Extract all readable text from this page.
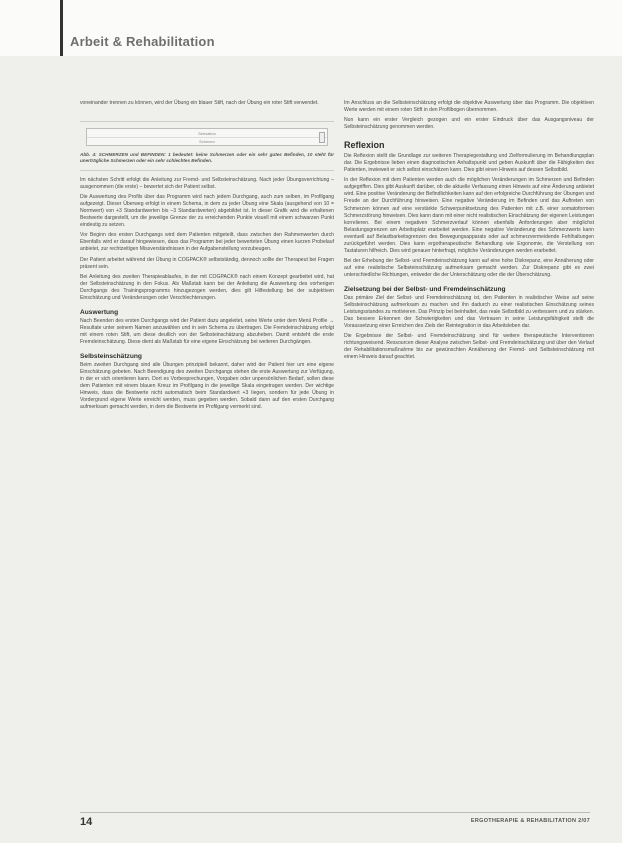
Arbeit & Rehabilitation

voneinander trennen zu können, wird der Übung ein blauer Stift, nach der Übung ein roter Stift verwendet.

Sensation
Schmerz
Abb. 4: SCHMERZEN und BEFINDEN: 1 bedeutet: keine Schmerzen oder ein sehr gutes Befinden, 10 steht für unerträgliche Schmerzen oder ein sehr schlechtes Befinden.

Im nächsten Schritt erfolgt die Anleitung zur Fremd- und Selbsteinschätzung. Nach jeder Übungsverrichtung – ausgenommen (die erste) – bewertet sich der Patient selbst.

Die Auswertung des Profils über das Programm wird nach jedem Durchgang, auch zum selben, im Profilgang aufgezeigt. Dieser Überweg erfolgt in einem Schema, in dem zu jeder Übung eine Skala (ausgehend von 10 = Normwert) von +3 Standardwerten bis –3 Standardwerten) abgebildet ist. In dieser Grafik wird die erhaltenen Bestwerte dargestellt, um die jeweilige Grenze der zu erreichenden Punkte visuell mit einem schwarzen Punkt eindeutig zu setzen.

Vor Beginn des ersten Durchgangs wird dem Patienten mitgeteilt, dass zwischen den Rahmenwerten durch Ebenfalls wird er darauf hingewiesen, dass das Programm bei jeder bewerteten Übung einen kurzen Probelauf anbietet, zur rechtzeitigen Missverständnissen in der Aufgabenstellung vorzubeugen.

Der Patient arbeitet während der Übung in COGPACK® selbstständig, dennoch sollte der Therapeut bei Fragen präsent sein.

Bei Anleitung des zweiten Therapieablaufes, in der mit COGPACK® nach einem Konzept gearbeitet wird, hat der Selbsteinschätzung in den Fokus. Als Maßstab kann bei der Anleitung die Auswertung des vorherigen Durchgangs des Trainingsprogramms hinzugezogen werden, dies gilt Hilfestellung bei der subjektiven Einschätzung und Veränderungen oder Verschlechterungen.

Auswertung

Nach Beenden des ersten Durchgangs wird der Patient dazu angeleitet, seine Werte unter dem Menü Profile → Resultate unter seinem Namen anzuwählen und in sein Schema zu übertragen. Die Fremdeinschätzung erfolgt mit einem roten Stift, um diese deutlich von der Selbsteinschätzung abzuheben. Damit entsteht die erste Fremdeinschätzung. Diese dient als Maßstab für eine eigene Einschätzung bei weiteren Durchgängen.

Selbsteinschätzung

Beim zweiten Durchgang sind alle Übungen prinzipiell bekannt, daher wird der Patient hier um eine eigene Einschätzung gebeten. Nach Beendigung des zweiten Durchgangs stehen die erste Auswertung zur Verfügung, in der er sich orientieren kann. Dort es Vorbesprechungen, Vorgaben oder unpersönlichen Bedarf, sollen diese dem Patienten mit einem blauen Kreuz im Profilgang in die jeweilige Skala eingetragen werden. Der wichtige Hinweis, dass die Bestwerte nicht automatisch beim Standardwert +3 liegen, sondern für jede Übung in Vordergrund eigene Werte erreicht werden, muss gegeben werden. Sobald dann auf den ersten Durchgang aufmerksam gemacht werden, in dem die Bestwerte im Profilgang vermerkt sind.

Im Anschluss an die Selbsteinschätzung erfolgt die objektive Auswertung über das Programm. Die objektiven Werte werden mit einem roten Stift in den Profilbogen übernommen.

Nun kann ein erster Vergleich gezogen und ein erster Eindruck über das Ausgangsniveau der Selbsteinschätzung genommen werden.

Reflexion

Die Reflexion stellt die Grundlage zur weiteren Therapiegestaltung und Zielformulierung im Behandlungsplan dar. Die Ergebnisse lieben einen diagnostischen Anhaltspunkt und geben Auskunft über die Fähigkeiten des Patienten, inwieweit er sich selbst einschätzen kann. Dies gibt einen Hinweis auf dessen Selbstbild.

In der Reflexion mit dem Patienten werden auch die möglichen Veränderungen im Schmerzen und Befinden aufgegriffen. Dies gibt Auskunft darüber, ob die aktuelle Verfassung einen Hinweis auf eine Änderung anbietet wird. Eine positive Veränderung der Befindlichkeiten kann auf den erfolgreiche Durchführung der Übungen und Freude an der Durchführung hinweisen. Eine negative Veränderung im Befinden und das Auftreten von Schmerzen können auf eine verstärkte Schwerpunktsetzung des Patienten mit z.B. einer somatoformen Schmerzstörung hinweisen. Dies kann dann mit einer nicht realistischen Einschätzung der eigenen Leistungen korrelieren. Bei einem negativen Schmerzverlauf können ebenfalls Anforderungen aber möglichst Belastungsgrenzen am Arbeitsplatz erarbeitet werden. Eine negative Veränderung des Schmerzwerts kann eventuell auf Belastbarkeitsgrenzen des Bewegungsapparats oder auf schmerzvermeidende Fehlhaltungen zurückgeführt werden. Dies kann ergotherapeutische Behandlung wie Ergonomie, die Verstellung von Tastaturen hilfreich. Dies wird genauer hinterfragt, mögliche Veränderungen werden erarbeitet.

Bei der Erhebung der Selbst- und Fremdeinschätzung kann auf eine hohe Diskrepanz, eine Annäherung oder auf eine realistische Selbsteinschätzung aufmerksam gemacht werden. Zur Diskrepanz gibt es zwei unterschiedliche Richtungen, entweder die der Unterschätzung oder die der Überschätzung.

Zielsetzung bei der Selbst- und Fremdeinschätzung

Das primäre Ziel der Selbst- und Fremdeinschätzung ist, den Patienten in realistischer Weise auf seine Selbsteinschätzung aufmerksam zu machen und ihn dadurch zu einer realistischen Einschätzung seines Leistungsstandes zu motivieren. Das Prinzip bei beinhaltet, das reale Selbstbild zu verbessern und zu stärken. Das bessere Erkennen der Schwierigkeiten und das Vertrauen in seine Leistungsfähigkeit stellt die Voraussetzung einer Erreichen des Ziels der Reintegration in das Arbeitsleben dar.

Die Ergebnisse der Selbst- und Fremdeinschätzung sind für weitere therapeutische Interventionen richtungsweisend. Ressourcen dieser Analyse zwischen Selbst- und Fremdeinschätzung und über den Verlauf der Rehabilitationsmaßnahme bis zur gewünschten Annäherung der Fremd- und Selbsteinschätzung mit einem Hinweis darauf geachtet.

14	ERGOTHERAPIE & REHABILITATION 2/07
